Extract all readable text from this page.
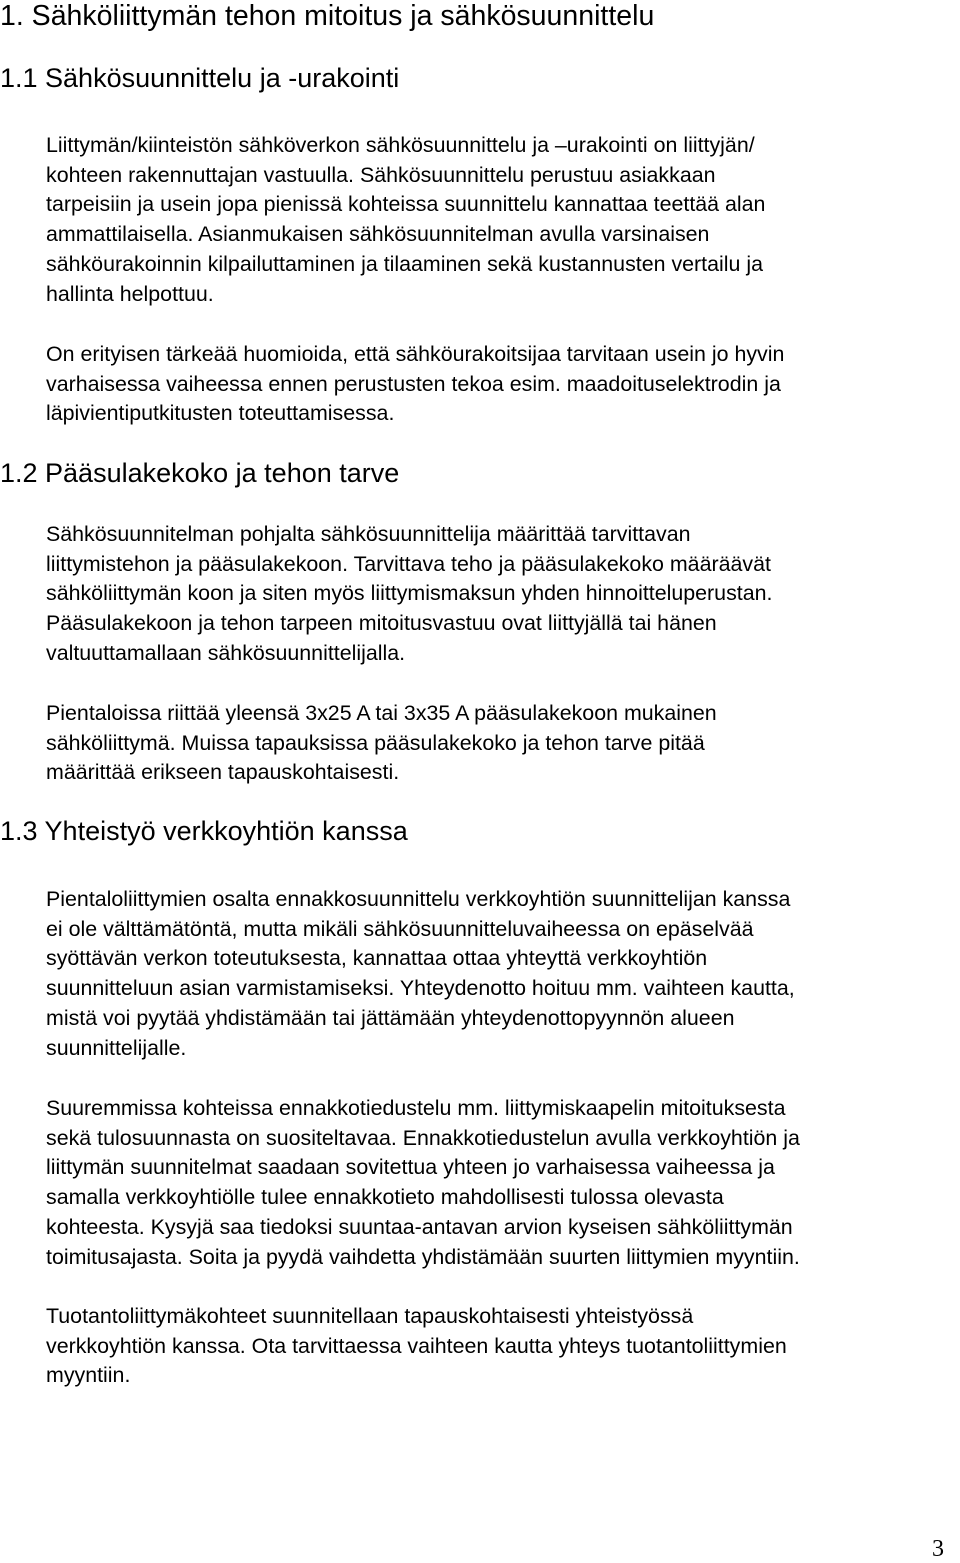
1. Sähköliittymän tehon mitoitus ja sähkösuunnittelu
1.1 Sähkösuunnittelu ja -urakointi

Liittymän/kiinteistön sähköverkon sähkösuunnittelu ja –urakointi on liittyjän/
kohteen rakennuttajan vastuulla. Sähkösuunnittelu perustuu asiakkaan
tarpeisiin ja usein jopa pienissä kohteissa suunnittelu kannattaa teettää alan
ammattilaisella. Asianmukaisen sähkösuunnitelman avulla varsinaisen
sähköurakoinnin kilpailuttaminen ja tilaaminen sekä kustannusten vertailu ja
hallinta helpottuu.

On erityisen tärkeää huomioida, että sähköurakoitsijaa tarvitaan usein jo hyvin
varhaisessa vaiheessa ennen perustusten tekoa esim. maadoituselektrodin ja
läpivientiputkitusten toteuttamisessa.

1.2 Pääsulakekoko ja tehon tarve

Sähkösuunnitelman pohjalta sähkösuunnittelija määrittää tarvittavan
liittymistehon ja pääsulakekoon. Tarvittava teho ja pääsulakekoko määräävät
sähköliittymän koon ja siten myös liittymismaksun yhden hinnoitteluperustan.
Pääsulakekoon ja tehon tarpeen mitoitusvastuu ovat liittyjällä tai hänen
valtuuttamallaan sähkösuunnittelijalla.

Pientaloissa riittää yleensä 3x25 A tai 3x35 A pääsulakekoon mukainen
sähköliittymä. Muissa tapauksissa pääsulakekoko ja tehon tarve pitää
määrittää erikseen tapauskohtaisesti.

1.3 Yhteistyö verkkoyhtiön kanssa

Pientaloliittymien osalta ennakkosuunnittelu verkkoyhtiön suunnittelijan kanssa
ei ole välttämätöntä, mutta mikäli sähkösuunnitteluvaiheessa on epäselvää
syöttävän verkon toteutuksesta, kannattaa ottaa yhteyttä verkkoyhtiön
suunnitteluun asian varmistamiseksi. Yhteydenotto hoituu mm. vaihteen kautta,
mistä voi pyytää yhdistämään tai jättämään yhteydenottopyynnön alueen
suunnittelijalle.

Suuremmissa kohteissa ennakkotiedustelu mm. liittymiskaapelin mitoituksesta
sekä tulosuunnasta on suositeltavaa. Ennakkotiedustelun avulla verkkoyhtiön ja
liittymän suunnitelmat saadaan sovitettua yhteen jo varhaisessa vaiheessa ja
samalla verkkoyhtiölle tulee ennakkotieto mahdollisesti tulossa olevasta
kohteesta. Kysyjä saa tiedoksi suuntaa-antavan arvion kyseisen sähköliittymän
toimitusajasta. Soita ja pyydä vaihdetta yhdistämään suurten liittymien myyntiin.

Tuotantoliittymäkohteet suunnitellaan tapauskohtaisesti yhteistyössä
verkkoyhtiön kanssa. Ota tarvittaessa vaihteen kautta yhteys tuotantoliittymien
myyntiin.

3
